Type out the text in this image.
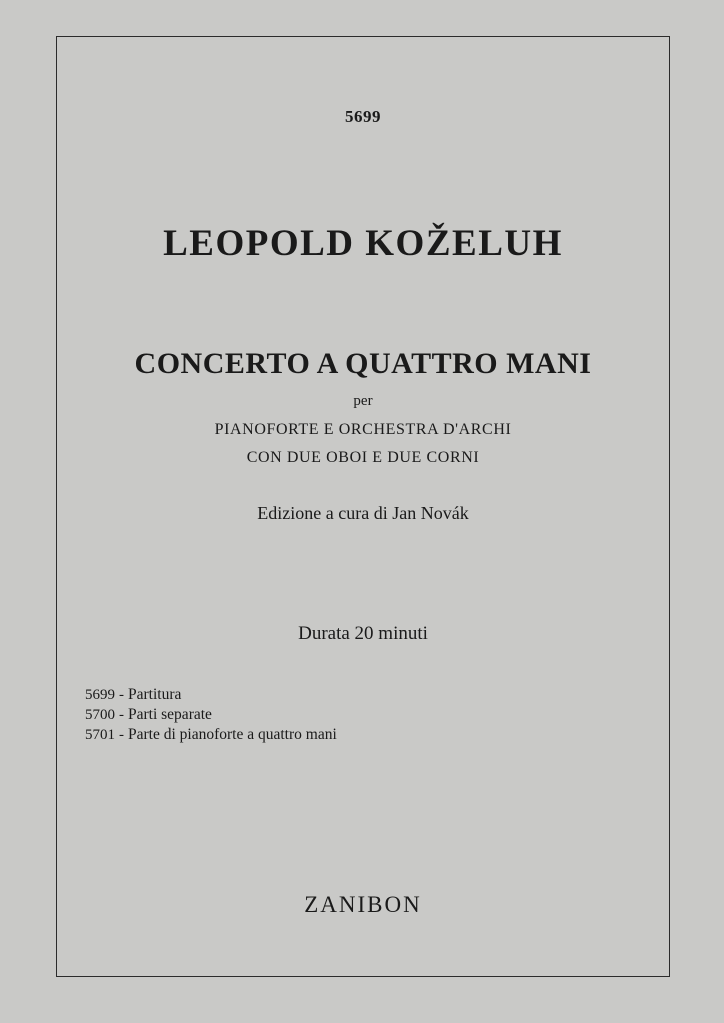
5699
LEOPOLD KOŽELUH
CONCERTO A QUATTRO MANI
per
PIANOFORTE E ORCHESTRA D'ARCHI
CON DUE OBOI E DUE CORNI
Edizione a cura di Jan Novák
Durata 20 minuti
5699 - Partitura
5700 - Parti separate
5701 - Parte di pianoforte a quattro mani
ZANIBON
